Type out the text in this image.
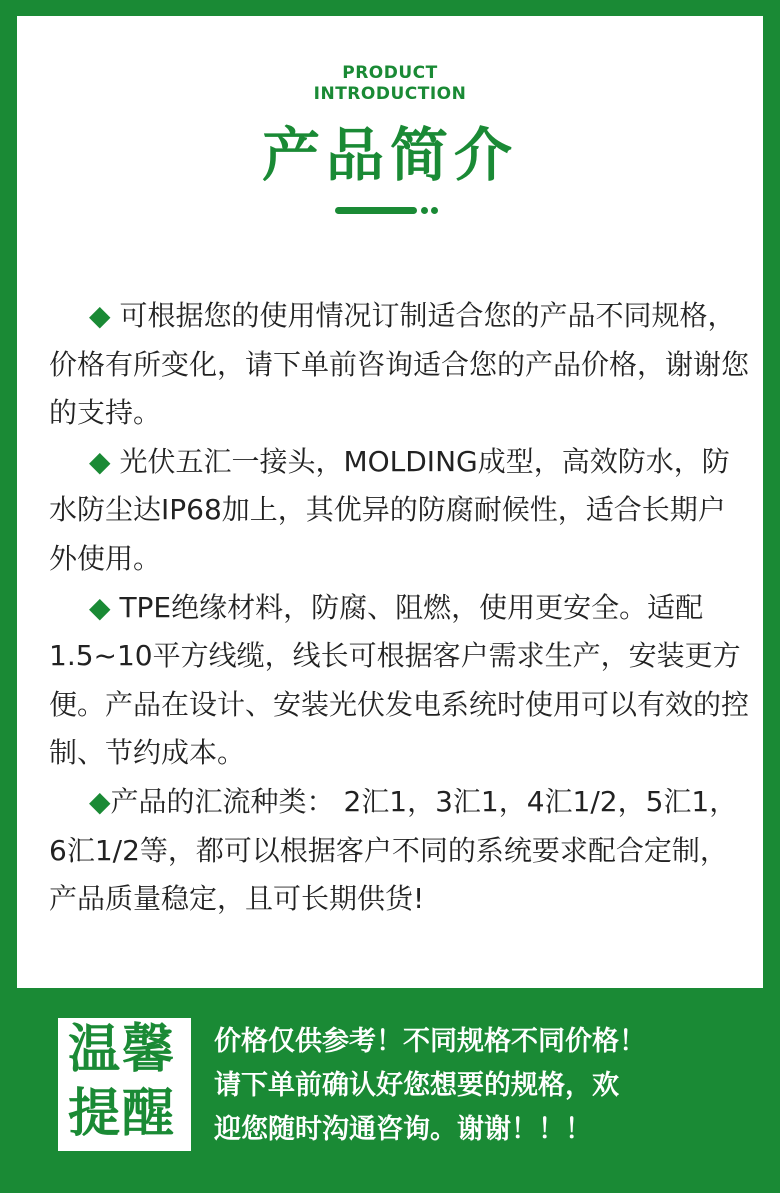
PRODUCT
INTRODUCTION
产品简介

◆ 可根据您的使用情况订制适合您的产品不同规格，价格有所变化，请下单前咨询适合您的产品价格，谢谢您的支持。

◆ 光伏五汇一接头，MOLDING成型，高效防水，防水防尘达IP68加上，其优异的防腐耐候性，适合长期户外使用。

◆ TPE绝缘材料，防腐、阻燃，使用更安全。适配1.5~10平方线缆，线长可根据客户需求生产，安装更方便。产品在设计、安装光伏发电系统时使用可以有效的控制、节约成本。

◆产品的汇流种类： 2汇1，3汇1，4汇1/2，5汇1，6汇1/2等，都可以根据客户不同的系统要求配合定制，产品质量稳定，且可长期供货!

温馨
提醒
价格仅供参考！不同规格不同价格！
请下单前确认好您想要的规格，欢
迎您随时沟通咨询。谢谢！！！
